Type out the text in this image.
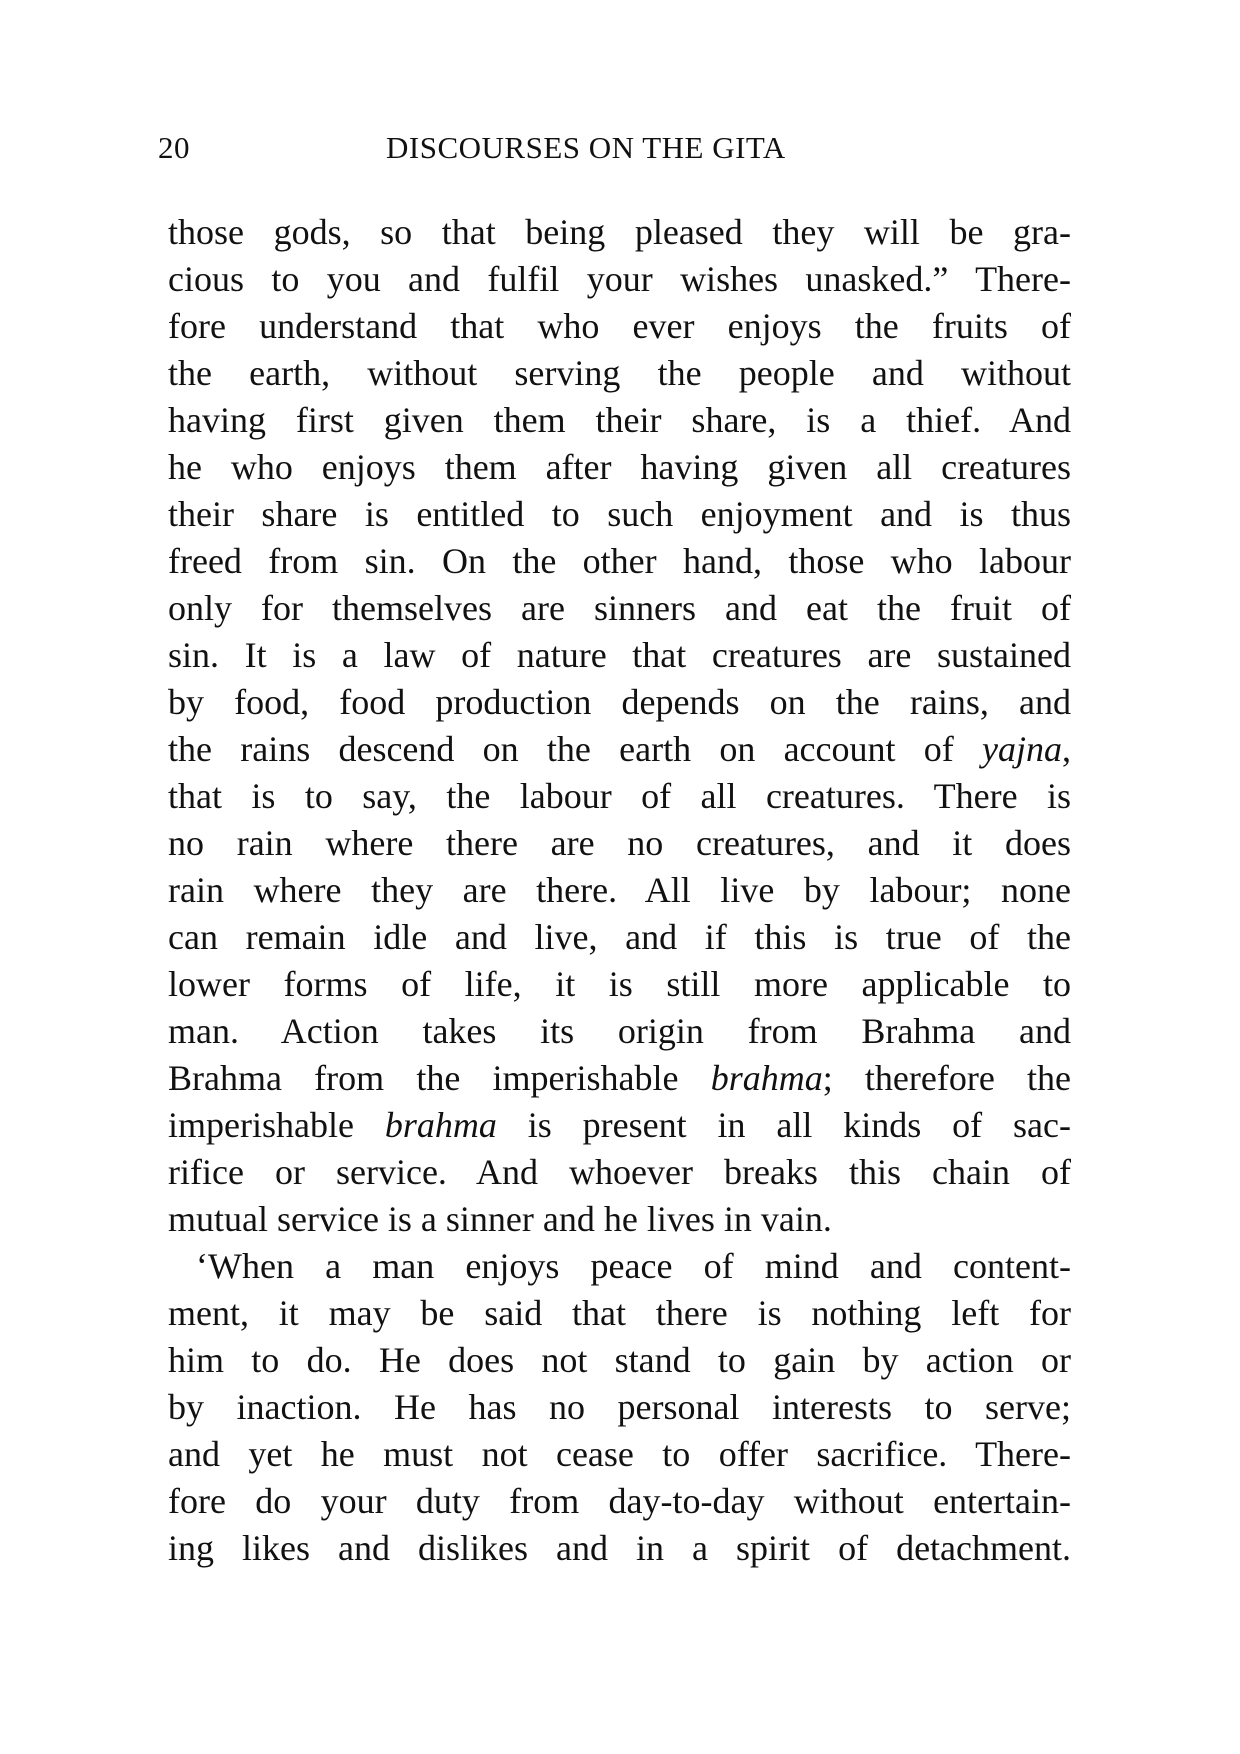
20	DISCOURSES ON THE GITA
those gods, so that being pleased they will be gra-
cious to you and fulfil your wishes unasked.” There-
fore understand that who ever enjoys the fruits of
the earth, without serving the people and without
having first given them their share, is a thief. And
he who enjoys them after having given all creatures
their share is entitled to such enjoyment and is thus
freed from sin. On the other hand, those who labour
only for themselves are sinners and eat the fruit of
sin. It is a law of nature that creatures are sustained
by food, food production depends on the rains, and
the rains descend on the earth on account of yajna,
that is to say, the labour of all creatures. There is
no rain where there are no creatures, and it does
rain where they are there. All live by labour; none
can remain idle and live, and if this is true of the
lower forms of life, it is still more applicable to
man. Action takes its origin from Brahma and
Brahma from the imperishable brahma; therefore the
imperishable brahma is present in all kinds of sac-
rifice or service. And whoever breaks this chain of
mutual service is a sinner and he lives in vain.
‘When a man enjoys peace of mind and content-
ment, it may be said that there is nothing left for
him to do. He does not stand to gain by action or
by inaction. He has no personal interests to serve;
and yet he must not cease to offer sacrifice. There-
fore do your duty from day-to-day without entertain-
ing likes and dislikes and in a spirit of detachment.
